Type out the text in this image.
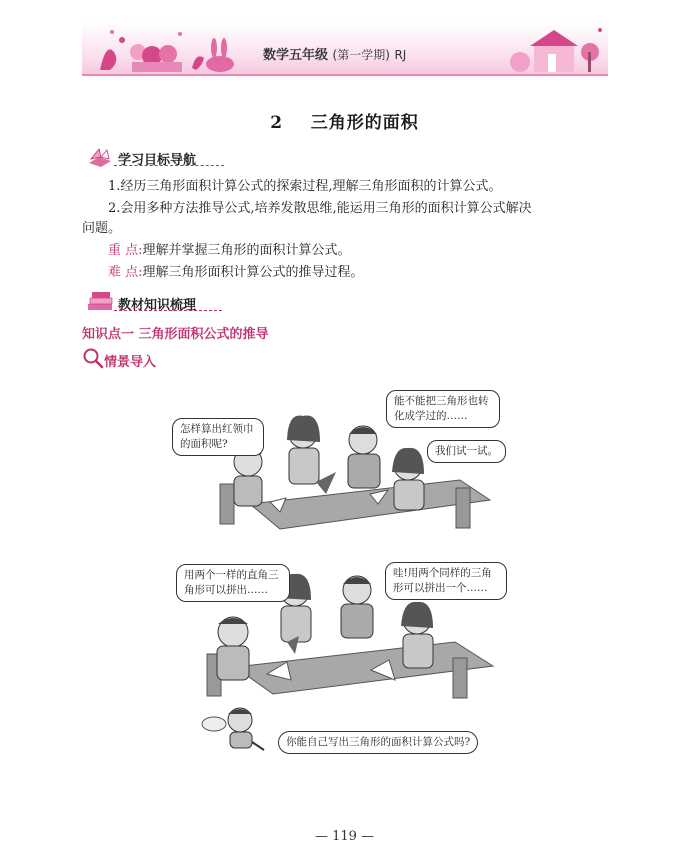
数学五年级 (第一学期) RJ
2 三角形的面积
学习目标导航
1.经历三角形面积计算公式的探索过程,理解三角形面积的计算公式。
2.会用多种方法推导公式,培养发散思维,能运用三角形的面积计算公式解决
问题。
重 点:理解并掌握三角形的面积计算公式。
难 点:理解三角形面积计算公式的推导过程。
教材知识梳理
知识点一 三角形面积公式的推导
情景导入
怎样算出红领巾的面积呢?
能不能把三角形也转化成学过的……
我们试一试。
用两个一样的直角三角形可以拼出……
哇!用两个同样的三角形可以拼出一个……
你能自己写出三角形的面积计算公式吗?
— 119 —
